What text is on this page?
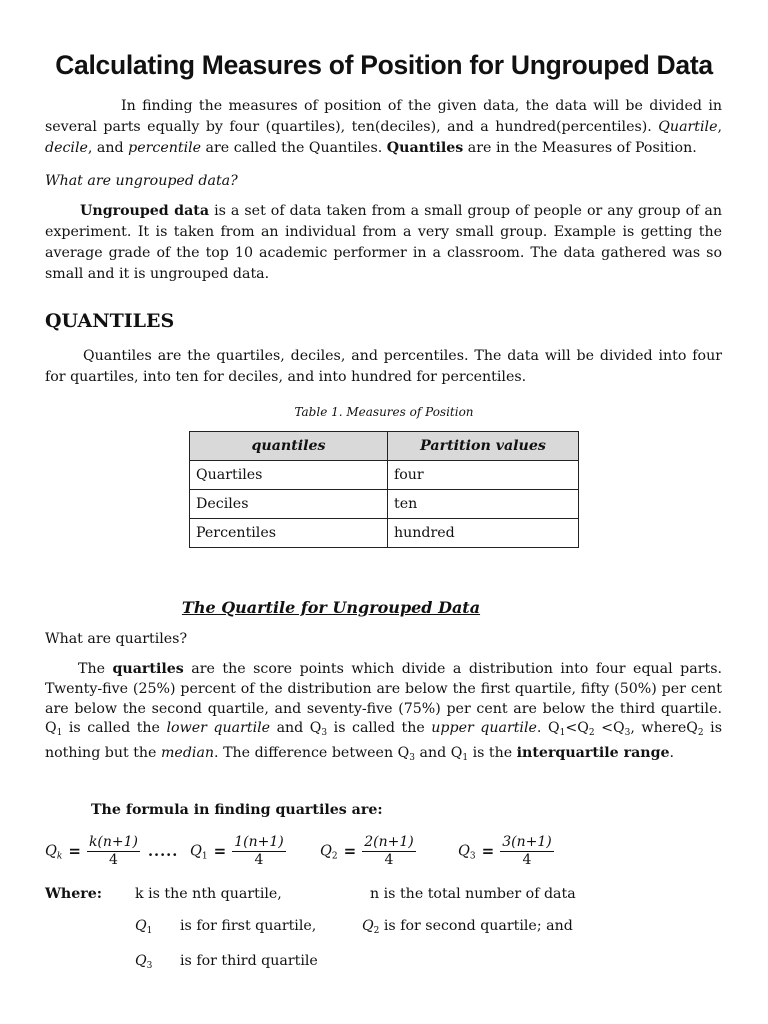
Calculating Measures of Position for Ungrouped Data

In finding the measures of position of the given data, the data will be divided in several parts equally by four (quartiles), ten(deciles), and a hundred(percentiles). Quartile, decile, and percentile are called the Quantiles. Quantiles are in the Measures of Position.

What are ungrouped data?

Ungrouped data is a set of data taken from a small group of people or any group of an experiment. It is taken from an individual from a very small group. Example is getting the average grade of the top 10 academic performer in a classroom. The data gathered was so small and it is ungrouped data.

QUANTILES

Quantiles are the quartiles, deciles, and percentiles. The data will be divided into four for quartiles, into ten for deciles, and into hundred for percentiles.

Table 1. Measures of Position
quantiles	Partition values
Quartiles	four
Deciles	ten
Percentiles	hundred
The Quartile for Ungrouped Data
What are quartiles?

The quartiles are the score points which divide a distribution into four equal parts. Twenty-five (25%) percent of the distribution are below the first quartile, fifty (50%) per cent are below the second quartile, and seventy-five (75%) per cent are below the third quartile. $Q_1$ is called the lower quartile and $Q_3$ is called the upper quartile. $Q_1<Q_2 <Q_3$, whereQ$_2$ is nothing but the median. The difference between $Q_3$ and $Q_1$ is the interquartile range.

The formula in finding quartiles are:
$Q_k = \frac{k(n+1)}{4}$ ..... $Q_1 = \frac{1(n+1)}{4} Q_2 = \frac{2(n+1)}{4}$	$Q_3 = \frac{3(n+1)}{4}$
Where: k is the nth quartile,	n is the total number of data
$Q_1$ is for first quartile,	$Q_2$ is for second quartile; and
$Q_3$ is for third quartile
